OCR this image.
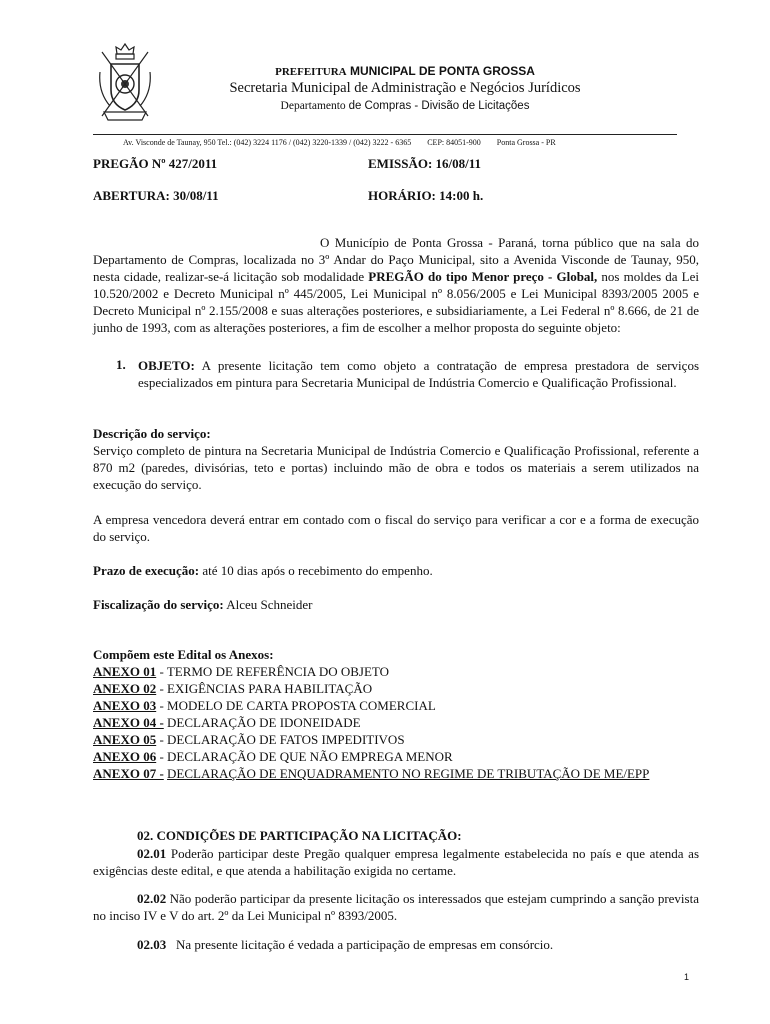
PREFEITURA MUNICIPAL DE PONTA GROSSA
Secretaria Municipal de Administração e Negócios Jurídicos
Departamento de Compras - Divisão de Licitações
Av. Visconde de Taunay, 950 Tel.: (042) 3224 1176 / (042) 3220-1339 / (042) 3222 - 6365 CEP: 84051-900 Ponta Grossa - PR
PREGÃO Nº 427/2011	EMISSÃO: 16/08/11
ABERTURA: 30/08/11	HORÁRIO: 14:00 h.
O Município de Ponta Grossa - Paraná, torna público que na sala do Departamento de Compras, localizada no 3º Andar do Paço Municipal, sito a Avenida Visconde de Taunay, 950, nesta cidade, realizar-se-á licitação sob modalidade PREGÃO do tipo Menor preço - Global, nos moldes da Lei 10.520/2002 e Decreto Municipal nº 445/2005, Lei Municipal nº 8.056/2005 e Lei Municipal 8393/2005 2005 e Decreto Municipal nº 2.155/2008 e suas alterações posteriores, e subsidiariamente, a Lei Federal nº 8.666, de 21 de junho de 1993, com as alterações posteriores, a fim de escolher a melhor proposta do seguinte objeto:
1. OBJETO: A presente licitação tem como objeto a contratação de empresa prestadora de serviços especializados em pintura para Secretaria Municipal de Indústria Comercio e Qualificação Profissional.
Descrição do serviço:
Serviço completo de pintura na Secretaria Municipal de Indústria Comercio e Qualificação Profissional, referente a 870 m2 (paredes, divisórias, teto e portas) incluindo mão de obra e todos os materiais a serem utilizados na execução do serviço.
A empresa vencedora deverá entrar em contado com o fiscal do serviço para verificar a cor e a forma de execução do serviço.
Prazo de execução: até 10 dias após o recebimento do empenho.
Fiscalização do serviço: Alceu Schneider
Compõem este Edital os Anexos:
ANEXO 01 - TERMO DE REFERÊNCIA DO OBJETO
ANEXO 02 - EXIGÊNCIAS PARA HABILITAÇÃO
ANEXO 03 - MODELO DE CARTA PROPOSTA COMERCIAL
ANEXO 04 - DECLARAÇÃO DE IDONEIDADE
ANEXO 05 - DECLARAÇÃO DE FATOS IMPEDITIVOS
ANEXO 06 - DECLARAÇÃO DE QUE NÃO EMPREGA MENOR
ANEXO 07 - DECLARAÇÃO DE ENQUADRAMENTO NO REGIME DE TRIBUTAÇÃO DE ME/EPP
02. CONDIÇÕES DE PARTICIPAÇÃO NA LICITAÇÃO:
02.01 Poderão participar deste Pregão qualquer empresa legalmente estabelecida no país e que atenda as exigências deste edital, e que atenda a habilitação exigida no certame.
02.02 Não poderão participar da presente licitação os interessados que estejam cumprindo a sanção prevista no inciso IV e V do art. 2º da Lei Municipal nº 8393/2005.
02.03 Na presente licitação é vedada a participação de empresas em consórcio.
1
